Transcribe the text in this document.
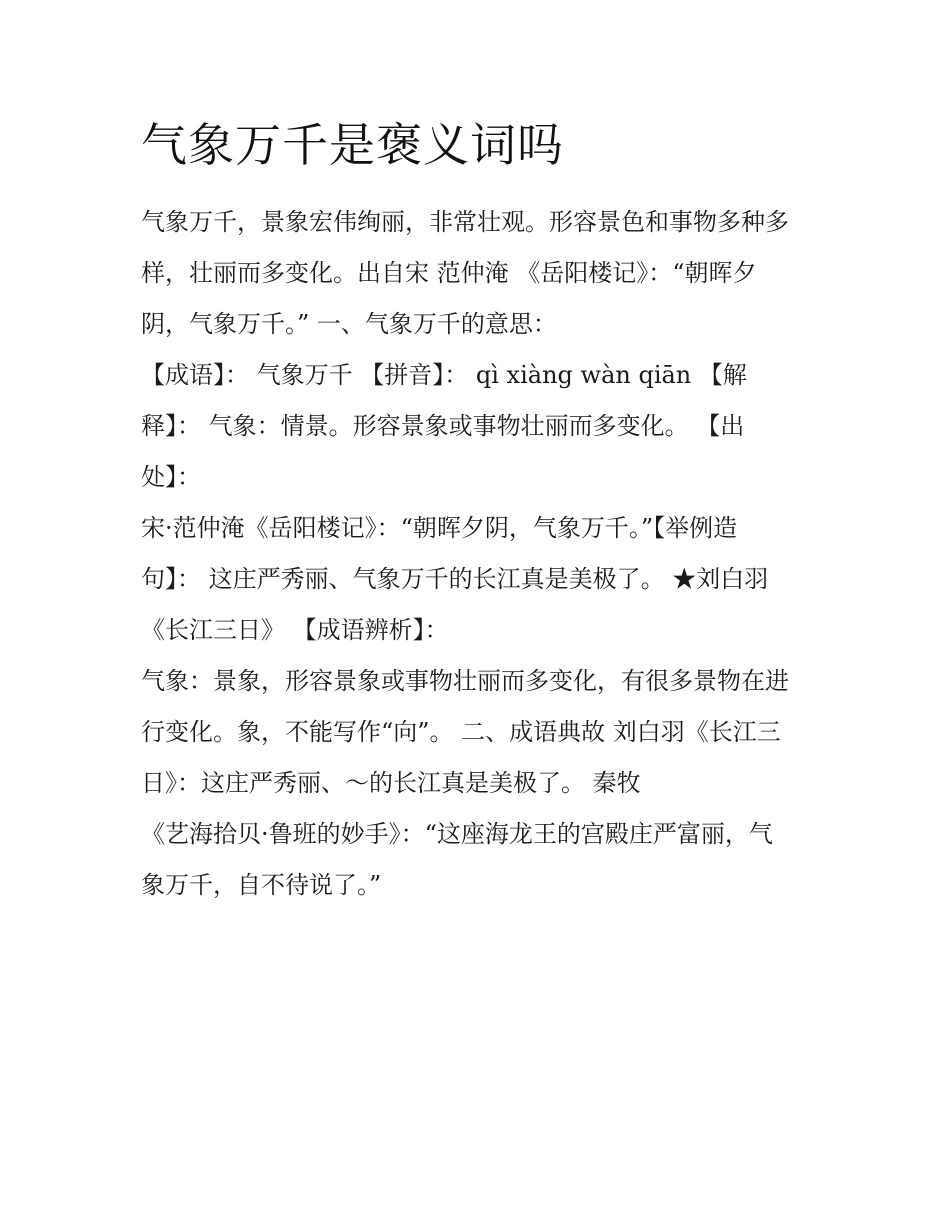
气象万千是褒义词吗

气象万千，景象宏伟绚丽，非常壮观。形容景色和事物多种多

样，壮丽而多变化。出自宋 范仲淹 《岳阳楼记》：“朝晖夕

阴，气象万千。” 一、气象万千的意思：

【成语】： 气象万千 【拼音】： qì xiàng wàn qiān 【解

释】： 气象：情景。形容景象或事物壮丽而多变化。 【出

处】：

宋·范仲淹《岳阳楼记》：“朝晖夕阴，气象万千。”【举例造

句】： 这庄严秀丽、气象万千的长江真是美极了。 ★刘白羽

《长江三日》 【成语辨析】：

气象：景象，形容景象或事物壮丽而多变化，有很多景物在进

行变化。象，不能写作“向”。 二、成语典故 刘白羽《长江三

日》：这庄严秀丽、～的长江真是美极了。 秦牧

《艺海拾贝·鲁班的妙手》：“这座海龙王的宫殿庄严富丽，气

象万千，自不待说了。”
